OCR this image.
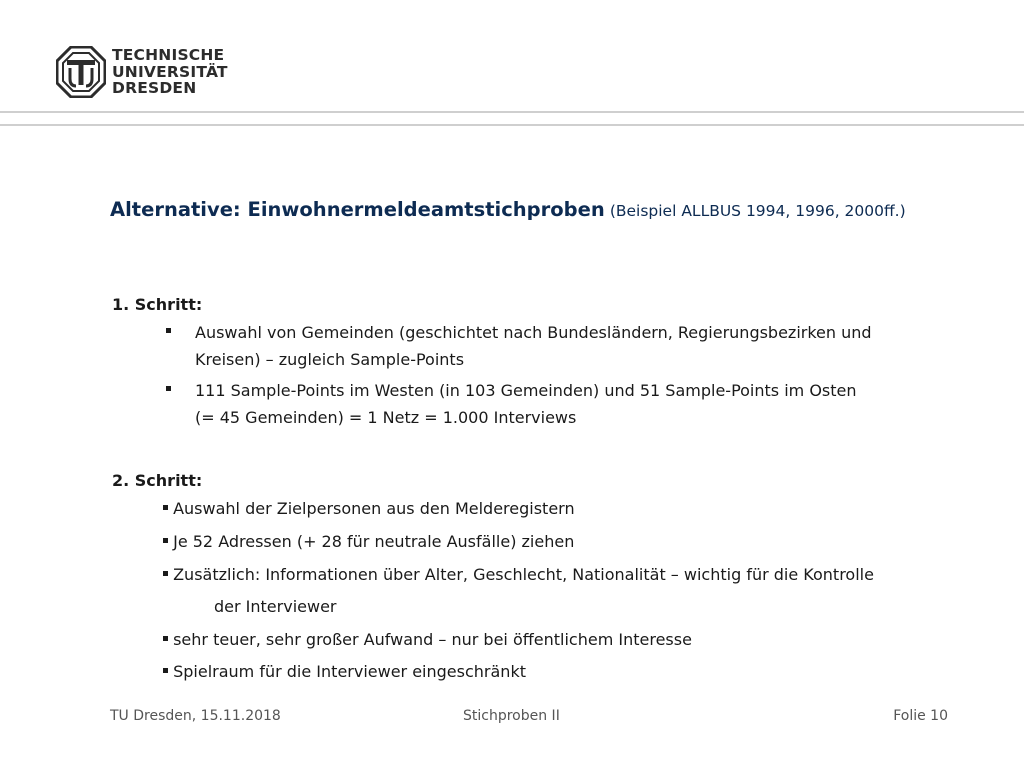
TECHNISCHE
UNIVERSITÄT
DRESDEN
Alternative: Einwohnermeldeamtstichproben (Beispiel ALLBUS 1994, 1996, 2000ff.)
1. Schritt:
Auswahl von Gemeinden (geschichtet nach Bundesländern, Regierungsbezirken und
Kreisen) – zugleich Sample-Points
111 Sample-Points im Westen (in 103 Gemeinden) und 51 Sample-Points im Osten
(= 45 Gemeinden) = 1 Netz = 1.000 Interviews
2. Schritt:
Auswahl der Zielpersonen aus den Melderegistern
Je 52 Adressen (+ 28 für neutrale Ausfälle) ziehen
Zusätzlich: Informationen über Alter, Geschlecht, Nationalität – wichtig für die Kontrolle
der Interviewer
sehr teuer, sehr großer Aufwand – nur bei öffentlichem Interesse
Spielraum für die Interviewer eingeschränkt
TU Dresden, 15.11.2018	Stichproben II	Folie 10
